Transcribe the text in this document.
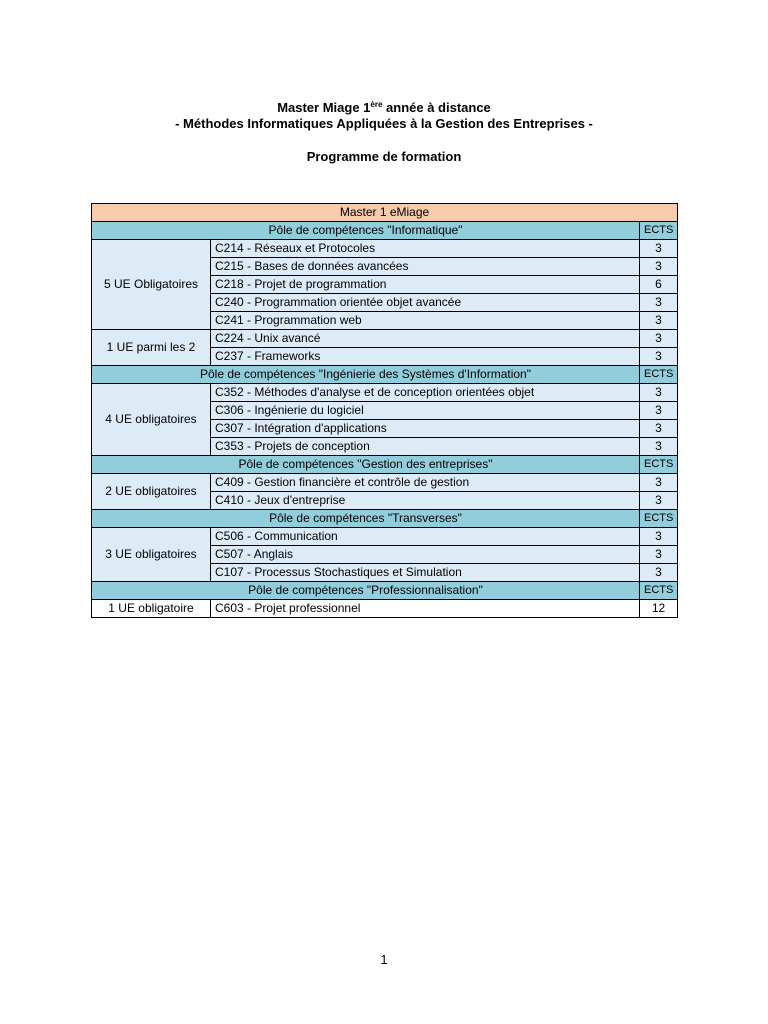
Master Miage 1ère année à distance
- Méthodes Informatiques Appliquées à la Gestion des Entreprises -
Programme de formation
Master 1 eMiage		
Pôle de compétences "Informatique"		ECTS
5 UE Obligatoires	C214 - Réseaux et Protocoles	3
	C215 - Bases de données avancées	3
	C218 - Projet de programmation	6
	C240 - Programmation orientée objet avancée	3
	C241 - Programmation web	3
1 UE parmi les 2	C224 - Unix avancé	3
	C237 - Frameworks	3
Pôle de compétences "Ingénierie des Systèmes d'Information"		ECTS
4 UE obligatoires	C352 - Méthodes d'analyse et de conception orientées objet	3
	C306 - Ingénierie du logiciel	3
	C307 - Intégration d'applications	3
	C353 - Projets de conception	3
Pôle de compétences "Gestion des entreprises"		ECTS
2 UE obligatoires	C409 - Gestion financière et contrôle de gestion	3
	C410 - Jeux d'entreprise	3
Pôle de compétences "Transverses"		ECTS
3 UE obligatoires	C506 - Communication	3
	C507 - Anglais	3
	C107 - Processus Stochastiques et Simulation	3
Pôle de compétences "Professionnalisation"		ECTS
1 UE obligatoire	C603 - Projet professionnel	12
1
